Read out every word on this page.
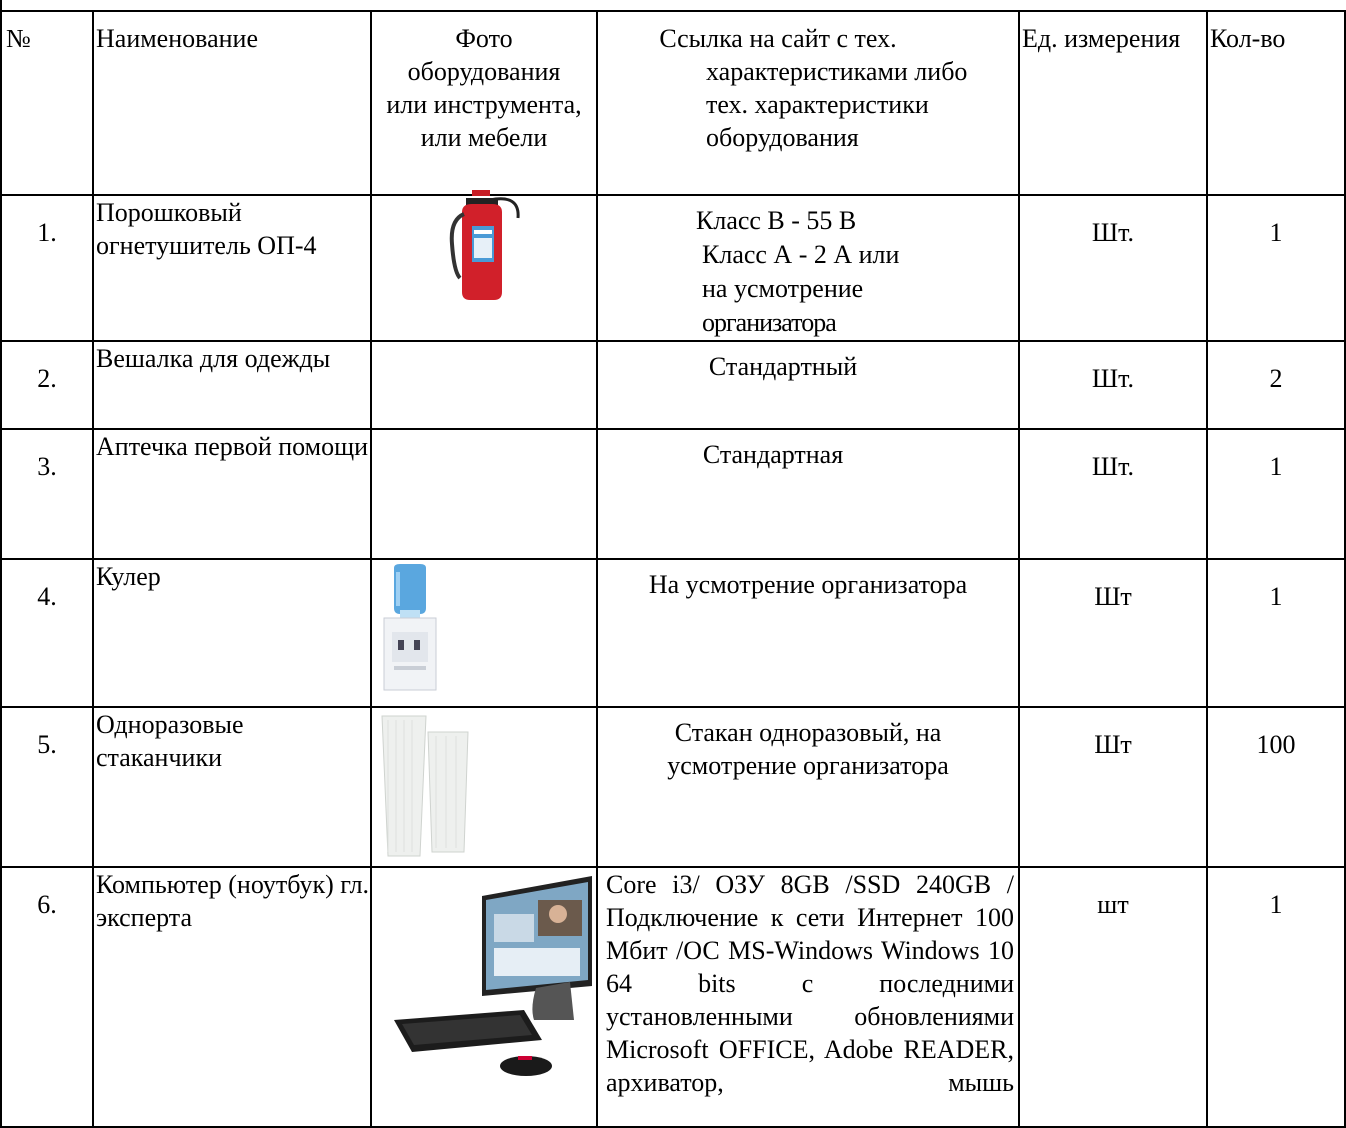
№	Наименование	Фото оборудования или инструмента, или мебели	Ссылка на сайт с тех.
характеристиками либо
тех. характеристики
оборудования	Ед. измерения	Кол-во
1.	Порошковый огнетушитель ОП-4		Класс В - 55 В
Класс А - 2 А или
на усмотрение
организатора	Шт.	1
2.	Вешалка для одежды		Стандартный	Шт.	2
3.	Аптечка первой помощи		Стандартная	Шт.	1
4.	Кулер		На усмотрение организатора	Шт	1
5.	Одноразовые стаканчики		Стакан одноразовый, на усмотрение организатора	Шт	100
6.	Компьютер (ноутбук) гл. эксперта		Core i3/ ОЗУ 8GB /SSD 240GB / Подключение к сети Интернет 100 Мбит /ОС MS-Windows Windows 10 64 bits с последними установленными обновлениями Microsoft OFFICE, Adobe READER, архиватор, мышь	шт	1
